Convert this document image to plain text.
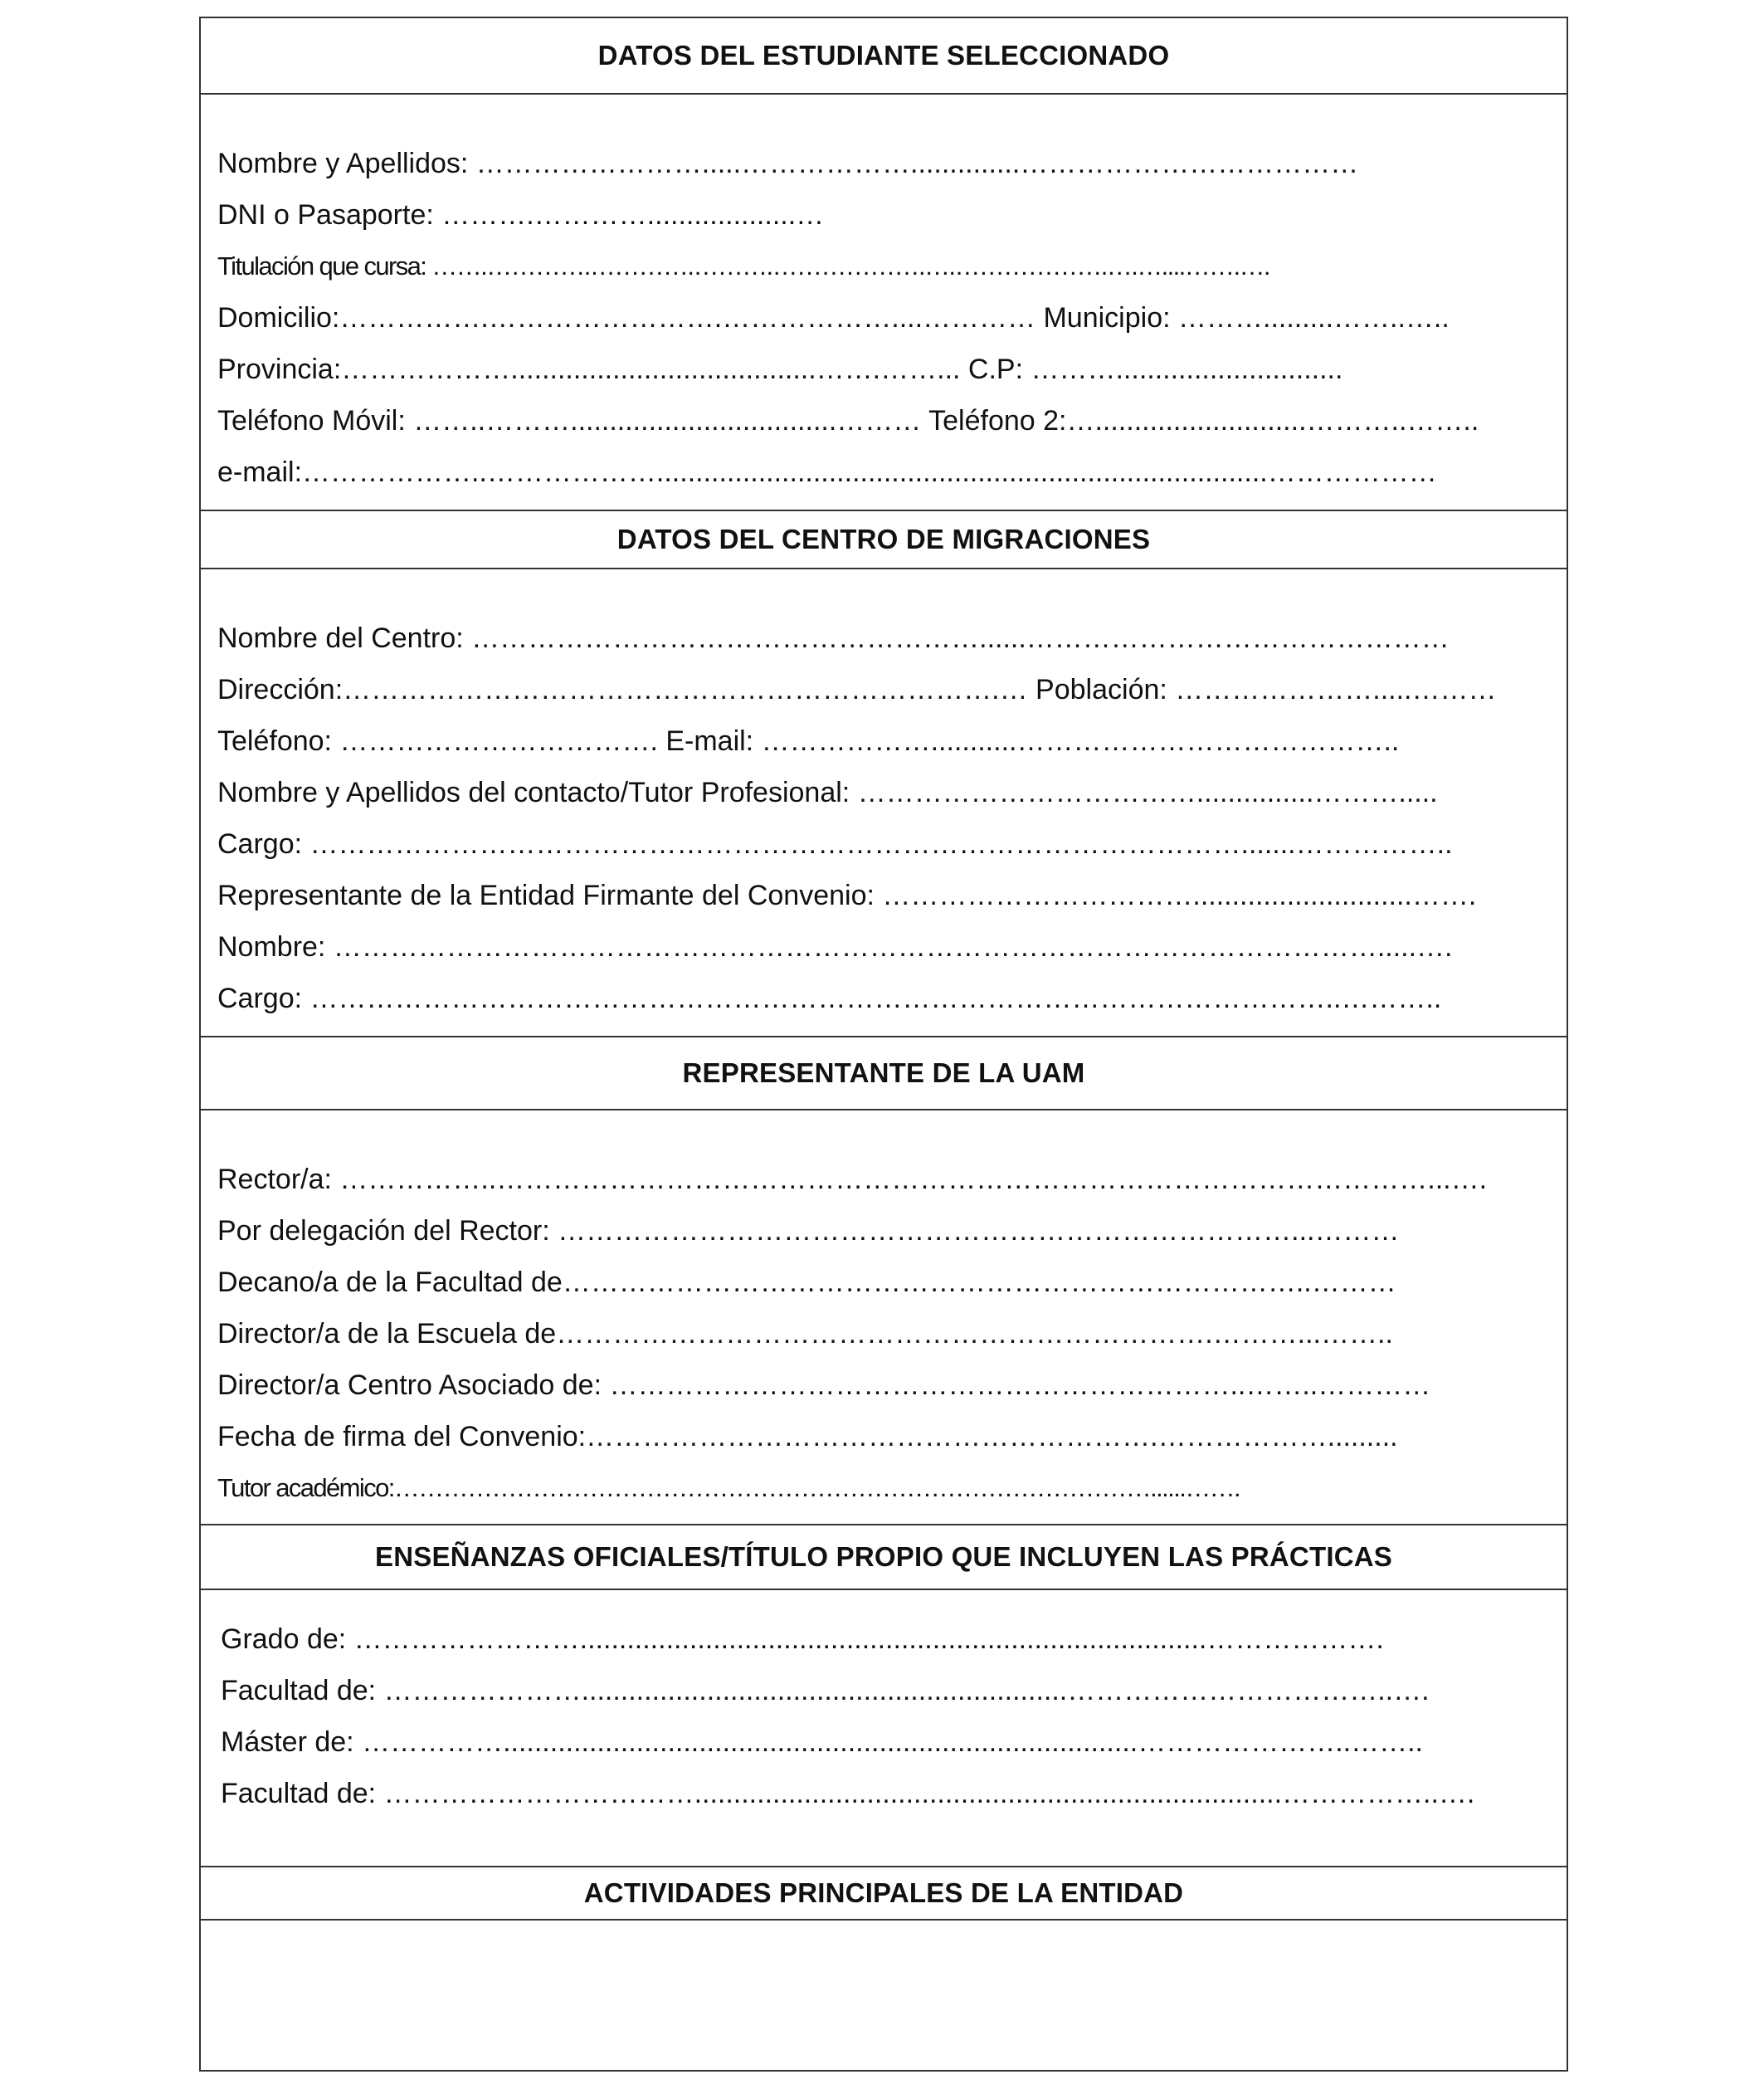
DATOS DEL ESTUDIANTE SELECCIONADO
Nombre y Apellidos: …………………….....………………..............………………………………
DNI o Pasaporte: ……….…………...................…
Titulación que cursa: …….………….………….……….……………….….……………….….…....…….….
Domicilio:…………….…………………….………………....………… Municipio: ……….........……..…..
Provincia:……………….......................................…….……... C.P: ……….............................
Teléfono Móvil: ……..………..................................……… Teléfono 2:…...........................………..……..
e-mail:………………..………………..............................................................................………………
DATOS DEL CENTRO DE MIGRACIONES
Nombre del Centro: ………………………………………………......………………………………………
Dirección:…………………………………………………………….… Población: ………………….....………
Teléfono: ……………………………. E-mail: ………………...........…………………………………..
Nombre y Apellidos del contacto/Tutor Profesional: ………………………………...............……….....
Cargo: ……………………………………………………………………………………….......……………..
Representante de la Entidad Firmante del Convenio: ……………………………............................…….
Nombre: ………………………………………………………………………………………………….....….
Cargo: ………………………………………………………………………………………………..………..
REPRESENTANTE DE LA UAM
Rector/a: ……………..………………………………………………………………………………………...….
Por delegación del Rector: ……………………………………………………………………...………
Decano/a de la Facultad de……………………………………………………………………..………
Director/a de la Escuela de…………………………………………………………….………...……..
Director/a Centro Asociado de: …………………………………………………………..……..…………
Fecha de firma del Convenio:…………………………………………………….……………….........
Tutor académico:…………………………………………………………………………………......…….
ENSEÑANZAS OFICIALES/TÍTULO PROPIO QUE INCLUYEN LAS PRÁCTICAS
Grado de: ……………………................................................................................……………….
Facultad de: …………………..............................................................……………………………..….
Máster de: …………….................................................................................…………………..……..
Facultad de: ……………………………...........................................................................……………..….
ACTIVIDADES PRINCIPALES DE LA ENTIDAD
